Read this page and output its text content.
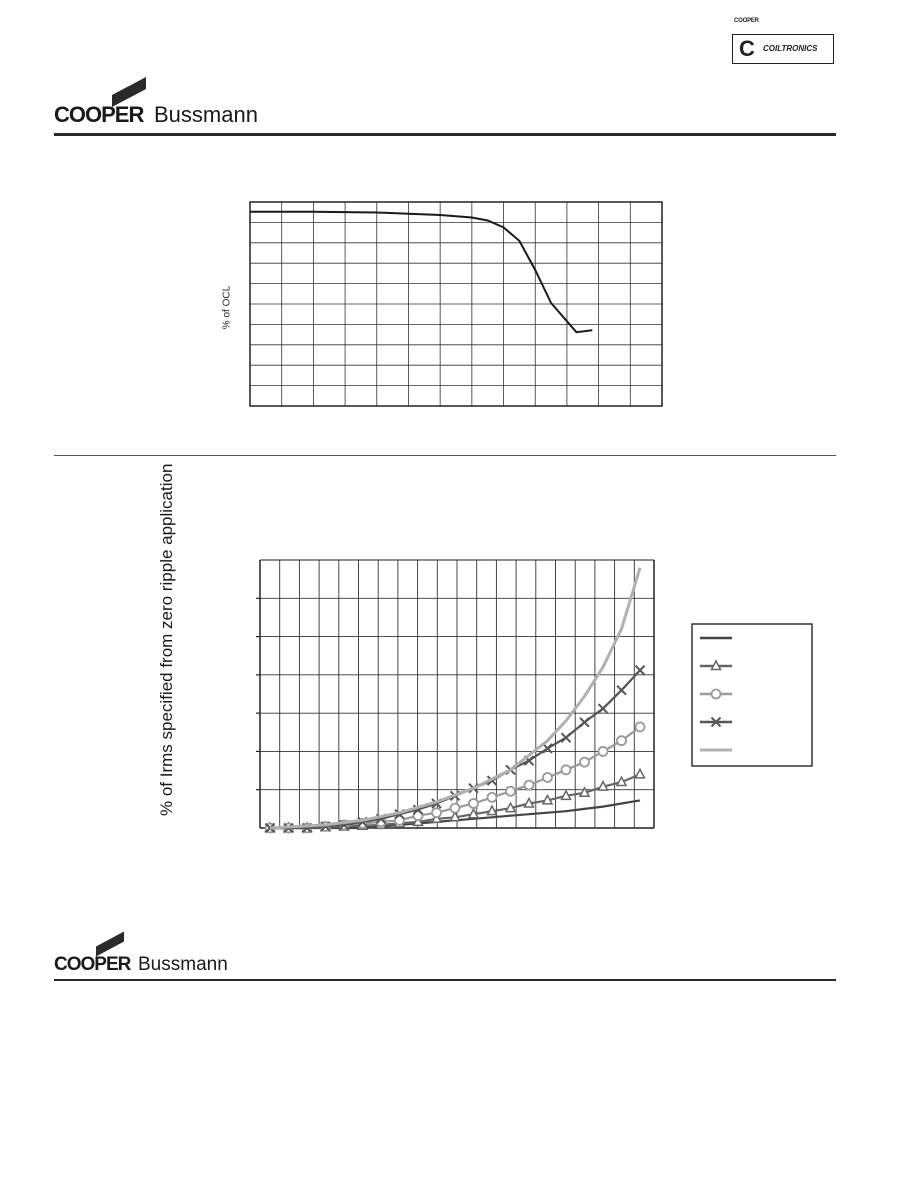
COOPER
C	COILTRONICS
COOPER Bussmann
% of OCL
% of Irms specified from zero ripple application
COOPER Bussmann
